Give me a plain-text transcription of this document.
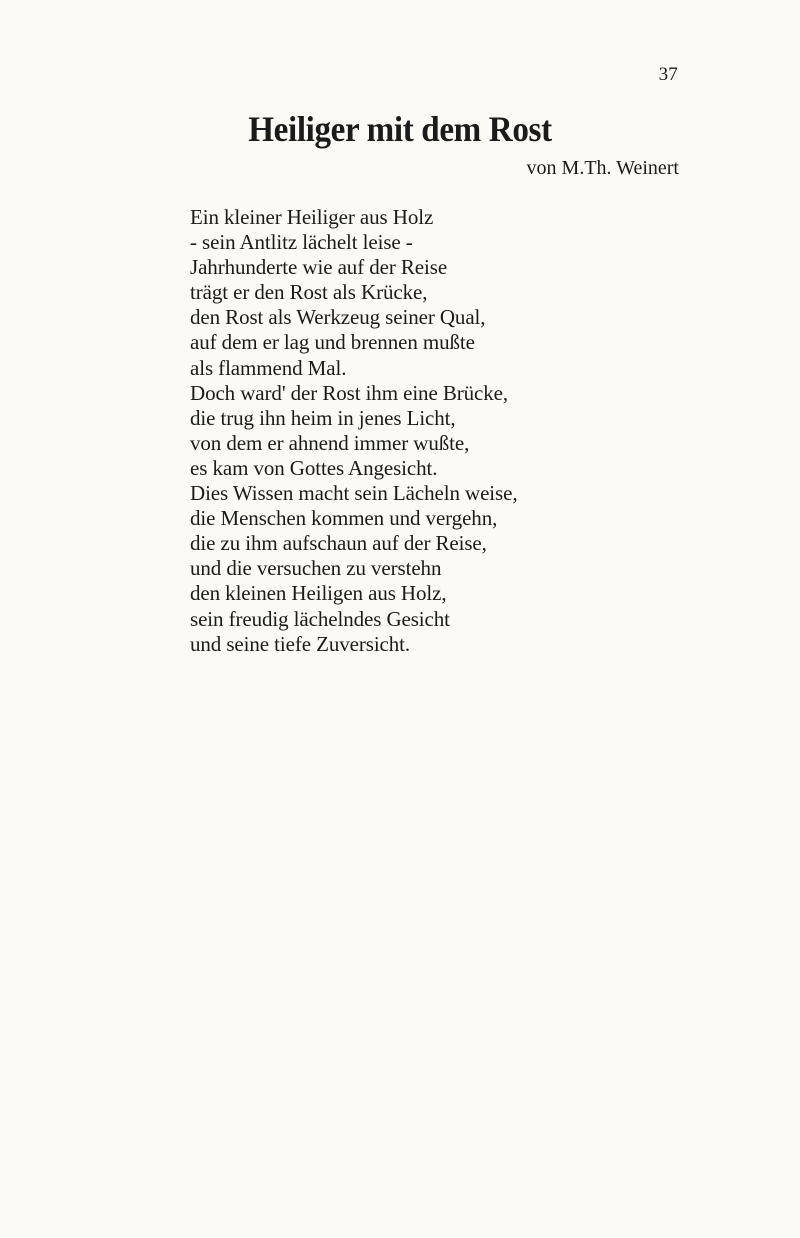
37
Heiliger mit dem Rost
von M.Th. Weinert
Ein kleiner Heiliger aus Holz
- sein Antlitz lächelt leise -
Jahrhunderte wie auf der Reise
trägt er den Rost als Krücke,
den Rost als Werkzeug seiner Qual,
auf dem er lag und brennen mußte
als flammend Mal.
Doch ward' der Rost ihm eine Brücke,
die trug ihn heim in jenes Licht,
von dem er ahnend immer wußte,
es kam von Gottes Angesicht.
Dies Wissen macht sein Lächeln weise,
die Menschen kommen und vergehn,
die zu ihm aufschaun auf der Reise,
und die versuchen zu verstehn
den kleinen Heiligen aus Holz,
sein freudig lächelndes Gesicht
und seine tiefe Zuversicht.
